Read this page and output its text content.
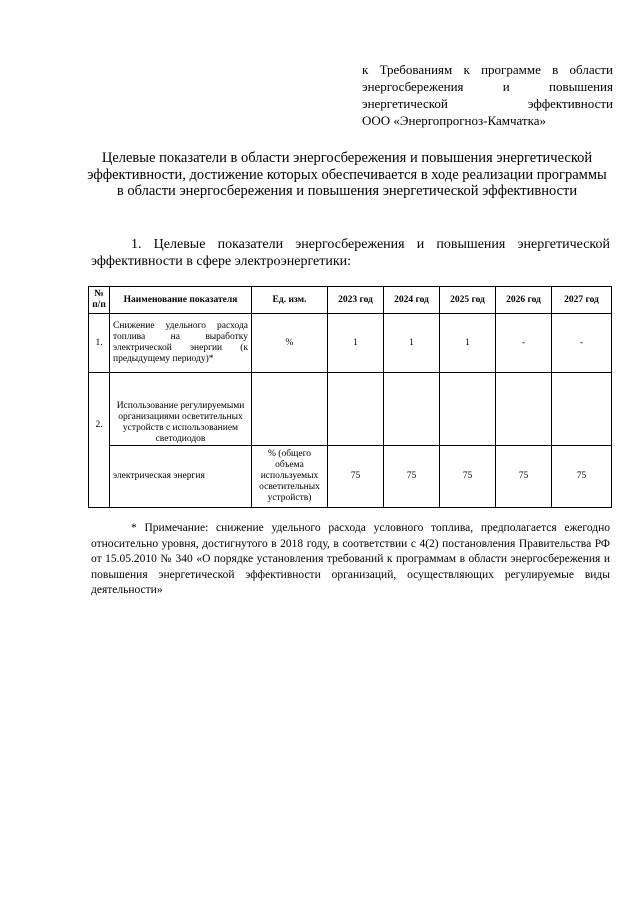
к Требованиям к программе в области
энергосбережения и повышения
энергетической эффективности
ООО «Энергопрогноз-Камчатка»
Целевые показатели в области энергосбережения и повышения энергетической эффективности, достижение которых обеспечивается в ходе реализации программы в области энергосбережения и повышения энергетической эффективности
1. Целевые показатели энергосбережения и повышения энергетической эффективности в сфере электроэнергетики:
№ п/п	Наименование показателя	Ед. изм.	2023 год	2024 год	2025 год	2026 год	2027 год
1.	Снижение удельного расхода топлива на выработку электрической энергии (к предыдущему периоду)*	%	1	1	1	-	-
2.	Использование регулируемыми организациями осветительных устройств с использованием светодиодов						
	электрическая энергия	% (общего объема используемых осветительных устройств)	75	75	75	75	75
* Примечание: снижение удельного расхода условного топлива, предполагается ежегодно относительно уровня, достигнутого в 2018 году, в соответствии с 4(2) постановления Правительства РФ от 15.05.2010 № 340 «О порядке установления требований к программам в области энергосбережения и повышения энергетической эффективности организаций, осуществляющих регулируемые виды деятельности»
